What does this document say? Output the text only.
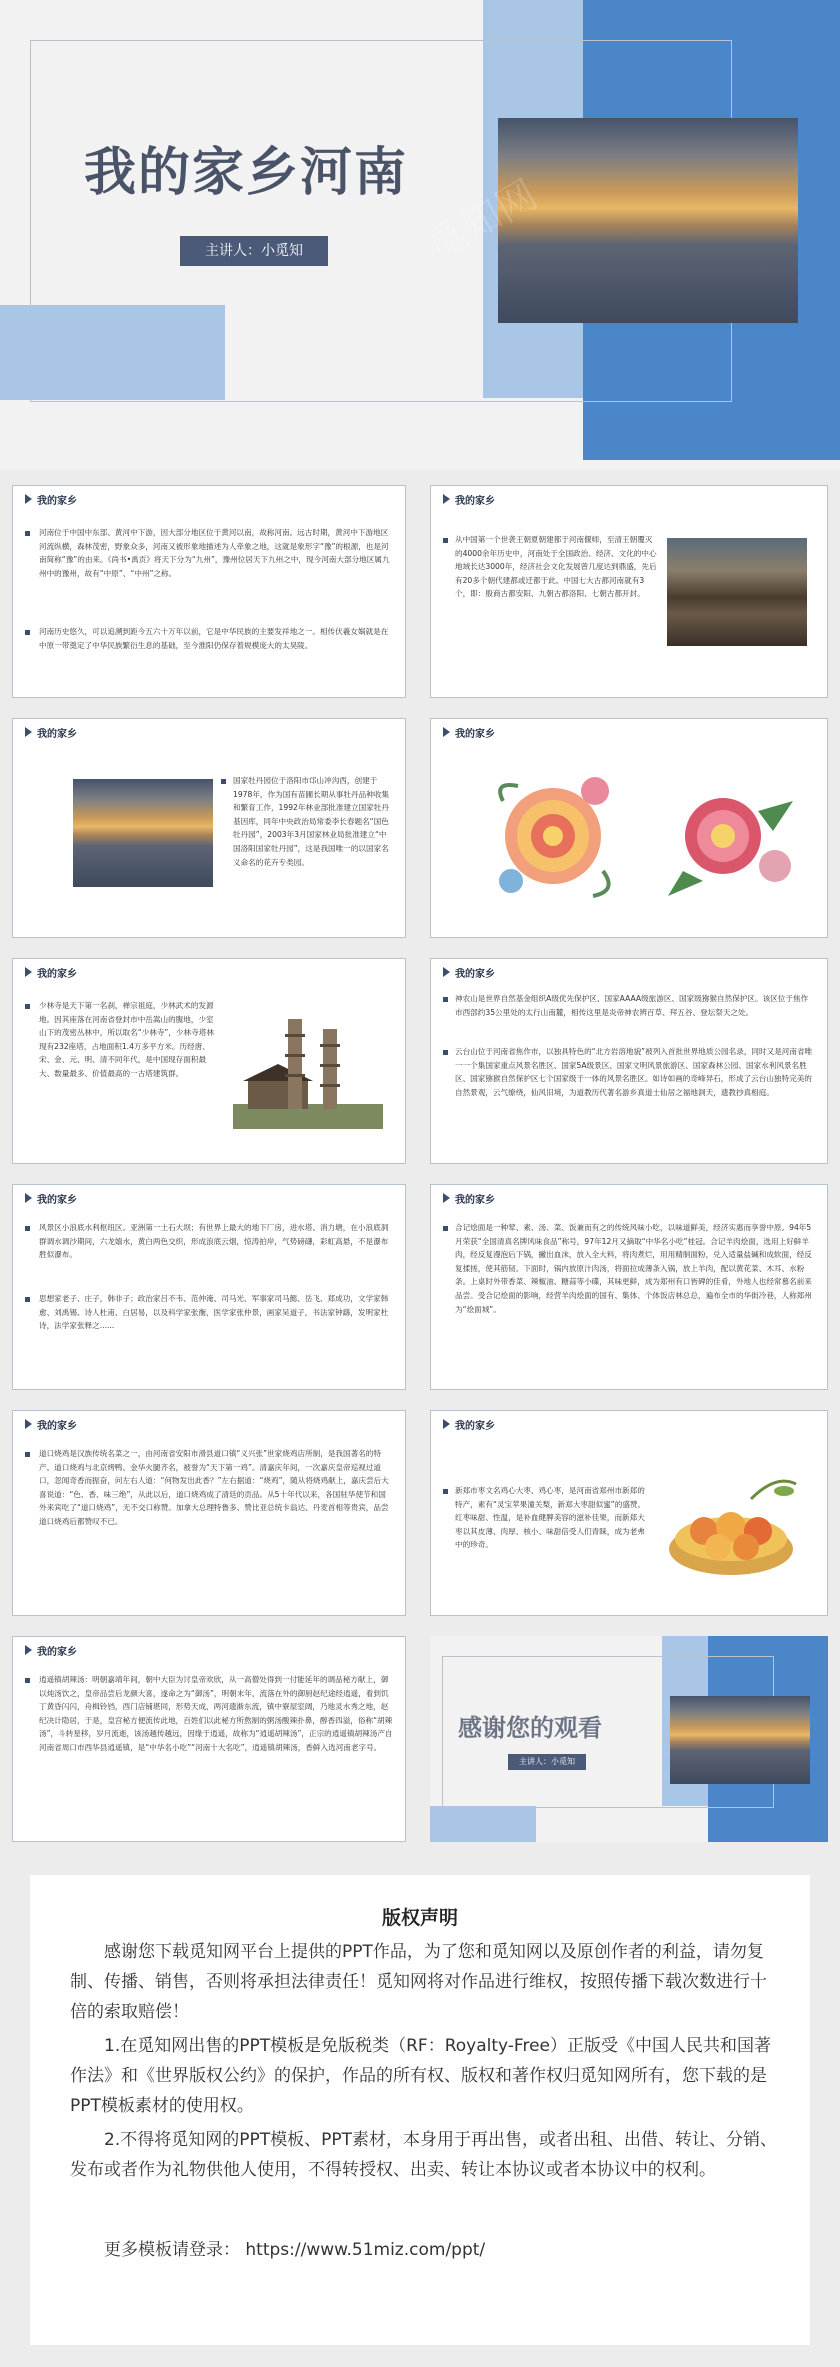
我的家乡河南
主讲人：小觅知	觅知网
我的家乡
河南位于中国中东部、黄河中下游，因大部分地区位于黄河以南，故称河南。远古时期，黄河中下游地区河流纵横，森林茂密，野象众多，河南又被形象地描述为人牵象之地，这就是象形字“豫”的根源，也是河南简称“豫”的由来。《尚书•禹贡》将天下分为“九州”，豫州位居天下九州之中，现今河南大部分地区属九州中的豫州，故有“中原”、“中州”之称。
河南历史悠久，可以追溯到距今五六十万年以前，它是中华民族的主要发祥地之一。相传伏羲女娲就是在中原一带奠定了中华民族繁衍生息的基础，至今淮阳仍保存着规模庞大的太昊陵。
我的家乡
从中国第一个世袭王朝夏朝建都于河南偃师，至清王朝覆灭的4000余年历史中，河南处于全国政治、经济、文化的中心地域长达3000年，经济社会文化发展曾几度达到鼎盛，先后有20多个朝代建都或迁都于此。中国七大古都河南就有3个，即：殷商古都安阳、九朝古都洛阳、七朝古都开封。
我的家乡
国家牡丹园位于洛阳市邙山冲沟西，创建于1978年，作为国有苗圃长期从事牡丹品种收集和繁育工作，1992年林业部批准建立国家牡丹基因库，同年中央政治局常委李长春题名“国色牡丹园”，2003年3月国家林业局批准建立“中国洛阳国家牡丹园”，这是我国唯一的以国家名义命名的花卉专类园。
我的家乡
我的家乡
少林寺是天下第一名刹，禅宗祖庭，少林武术的发源地。因其座落在河南省登封市中岳嵩山的腹地，少室山下的茂密丛林中，所以取名“少林寺”，少林寺塔林现有232座塔，占地面积1.4万多平方米。历经唐、宋、金、元、明、清不同年代，是中国现存面积最大、数量最多、价值最高的一古塔建筑群。
我的家乡
神农山是世界自然基金组织A级优先保护区、国家AAAA级旅游区、国家级猕猴自然保护区。该区位于焦作市西部约35公里处的太行山南麓，相传这里是炎帝神农辨百草、拜五谷、登坛祭天之处。
云台山位于河南省焦作市，以独具特色的“北方岩溶地貌”被列入首批世界地质公园名录，同时又是河南省唯一一个集国家重点风景名胜区、国家5A级景区、国家文明风景旅游区、国家森林公园、国家水利风景名胜区、国家猕猴自然保护区七个国家级于一体的风景名胜区。如诗如画的奇峰异石，形成了云台山独特完美的自然景观，云气缭绕，仙风旧境，为道教历代著名游乡真道士仙居之福地洞天，遗教抄真相庭。
我的家乡
风景区小浪底水利枢纽区。亚洲第一土石大坝；有世界上最大的地下厂房，进水塔、消力塘，在小浪底洞群调水调沙期间，六龙嬉水，黄白两色交织，形成浪底云烟，惊涛拍岸，气势磅礴，彩虹高悬，不是瀑布胜似瀑布。
思想家老子、庄子，韩非子；政治家吕不韦、范仲淹、司马光、军事家司马懿、岳飞、郑成功，文学家韩愈、刘禹锡、诗人杜甫、白居易，以及科学家张衡，医学家张仲景，画家吴道子，书法家钟繇，发明家杜诗，法学家张释之......
我的家乡
合记烩面是一种荤、素、汤、菜、饭兼而有之的传统风味小吃，以味道鲜美，经济实惠而享誉中原。94年5月荣获“全国清真名牌风味食品”称号，97年12月又摘取“中华名小吃”桂冠。合记羊肉烩面，选用上好鲜羊肉，经反复漫泡后下锅，撇出血沫，放入全大料，将肉煮烂，用用精制面粉，兑入适量盐碱和成软面，经反复揉搓，使其筋韧。下面时，锅内放原汁肉汤，将面拉成薄条入锅，放上羊肉，配以黄花菜、木耳、水粉条。上桌时外带香菜、辣椒油、糖蒜等小碟，其味更鲜，成为郑州有口皆碑的佳肴，外地人也经常慕名前来品尝。受合记烩面的影响，经营羊肉烩面的国有、集体、个体饭店林总总，遍布全市的华街冷巷，人称郑州为“烩面城”。
我的家乡
道口烧鸡是汉族传统名菜之一，由河南省安阳市滑县道口镇“义兴张”世家烧鸡店所制，是我国著名的特产。道口烧鸡与北京烤鸭、金华火腿齐名，被誉为“天下第一鸡”。清嘉庆年间，一次嘉庆皇帝巡视过道口，忽闻奇香而振奋，问左右人道：“何物发出此香？”左右据道：“烧鸡”，随从将烧鸡献上，嘉庆尝后大喜说道：“色、香、味三绝”，从此以后，道口烧鸡成了清廷的贡品。从5十年代以来，各国驻华使节和国外来宾吃了“道口烧鸡”，无不交口称赞。加拿大总理特鲁多、赞比亚总统卡翁达、丹麦首相等贵宾，品尝道口烧鸡后都赞叹不已。
我的家乡
新郑市枣文名鸡心大枣、鸡心枣，是河南省郑州市新郑的特产，素有“灵宝苹果潼关梨，新郑大枣甜似蜜”的盛赞。红枣味甜、性温，是补血健脾美容的滋补佳果，而新郑大枣以其皮薄、肉厚、核小、味甜倍受人们青睐，成为老弗中的珍奇。
我的家乡
逍遥镇胡辣汤：明朝嘉靖年间，朝中大臣为讨皇帝欢欣，从一高僧处得到一付能延年的调品秘方献上，御以炖汤饮之，皇帝品尝后龙颜大喜，遂命之为“御汤”，明朝末年，流落在外的御厨赵纪途经逍遥，看到饥丁黄昏闪闪，舟楫铃铛，西门店铺堪同，形势天成，两河遗渐东流，镇中寮屋室阔，乃地灵水秀之地，赵纪决计隐居，于是，皇宫秘方便流传此地，百姓们以此秘方所熬制的粥汤酸辣扑鼻，醇香四溢，俗称“胡辣汤”，斗转星移，岁月流逝，该汤越传越远，因缘于逍遥，故称为“逍遥胡辣汤”，正宗的逍遥镇胡辣汤产自河南省周口市西华县逍遥镇，是“中华名小吃”“河南十大名吃”，逍遥镇胡辣汤，香鲜入选河南老字号。
感谢您的观看
主讲人：小觅知
版权声明
感谢您下载觅知网平台上提供的PPT作品，为了您和觅知网以及原创作者的利益，请勿复制、传播、销售，否则将承担法律责任！觅知网将对作品进行维权，按照传播下载次数进行十倍的索取赔偿！
1.在觅知网出售的PPT模板是免版税类（RF：Royalty-Free）正版受《中国人民共和国著作法》和《世界版权公约》的保护，作品的所有权、版权和著作权归觅知网所有，您下载的是PPT模板素材的使用权。
2.不得将觅知网的PPT模板、PPT素材，本身用于再出售，或者出租、出借、转让、分销、发布或者作为礼物供他人使用，不得转授权、出卖、转让本协议或者本协议中的权利。
更多模板请登录： https://www.51miz.com/ppt/
